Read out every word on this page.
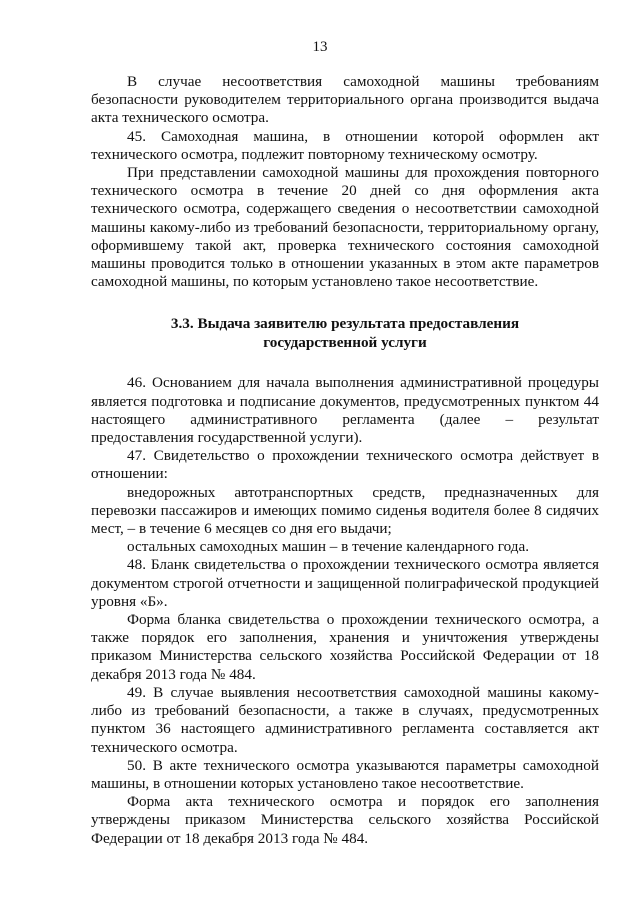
13

В случае несоответствия самоходной машины требованиям безопасности руководителем территориального органа производится выдача акта технического осмотра.

45. Самоходная машина, в отношении которой оформлен акт технического осмотра, подлежит повторному техническому осмотру.

При представлении самоходной машины для прохождения повторного технического осмотра в течение 20 дней со дня оформления акта технического осмотра, содержащего сведения о несоответствии самоходной машины какому-либо из требований безопасности, территориальному органу, оформившему такой акт, проверка технического состояния самоходной машины проводится только в отношении указанных в этом акте параметров самоходной машины, по которым установлено такое несоответствие.

3.3. Выдача заявителю результата предоставления
государственной услуги

46. Основанием для начала выполнения административной процедуры является подготовка и подписание документов, предусмотренных пунктом 44 настоящего административного регламента (далее – результат предоставления государственной услуги).

47. Свидетельство о прохождении технического осмотра действует в отношении:

внедорожных автотранспортных средств, предназначенных для перевозки пассажиров и имеющих помимо сиденья водителя более 8 сидячих мест, – в течение 6 месяцев со дня его выдачи;

остальных самоходных машин – в течение календарного года.

48. Бланк свидетельства о прохождении технического осмотра является документом строгой отчетности и защищенной полиграфической продукцией уровня «Б».

Форма бланка свидетельства о прохождении технического осмотра, а также порядок его заполнения, хранения и уничтожения утверждены приказом Министерства сельского хозяйства Российской Федерации от 18 декабря 2013 года № 484.

49. В случае выявления несоответствия самоходной машины какому-либо из требований безопасности, а также в случаях, предусмотренных пунктом 36 настоящего административного регламента составляется акт технического осмотра.

50. В акте технического осмотра указываются параметры самоходной машины, в отношении которых установлено такое несоответствие.

Форма акта технического осмотра и порядок его заполнения утверждены приказом Министерства сельского хозяйства Российской Федерации от 18 декабря 2013 года № 484.
